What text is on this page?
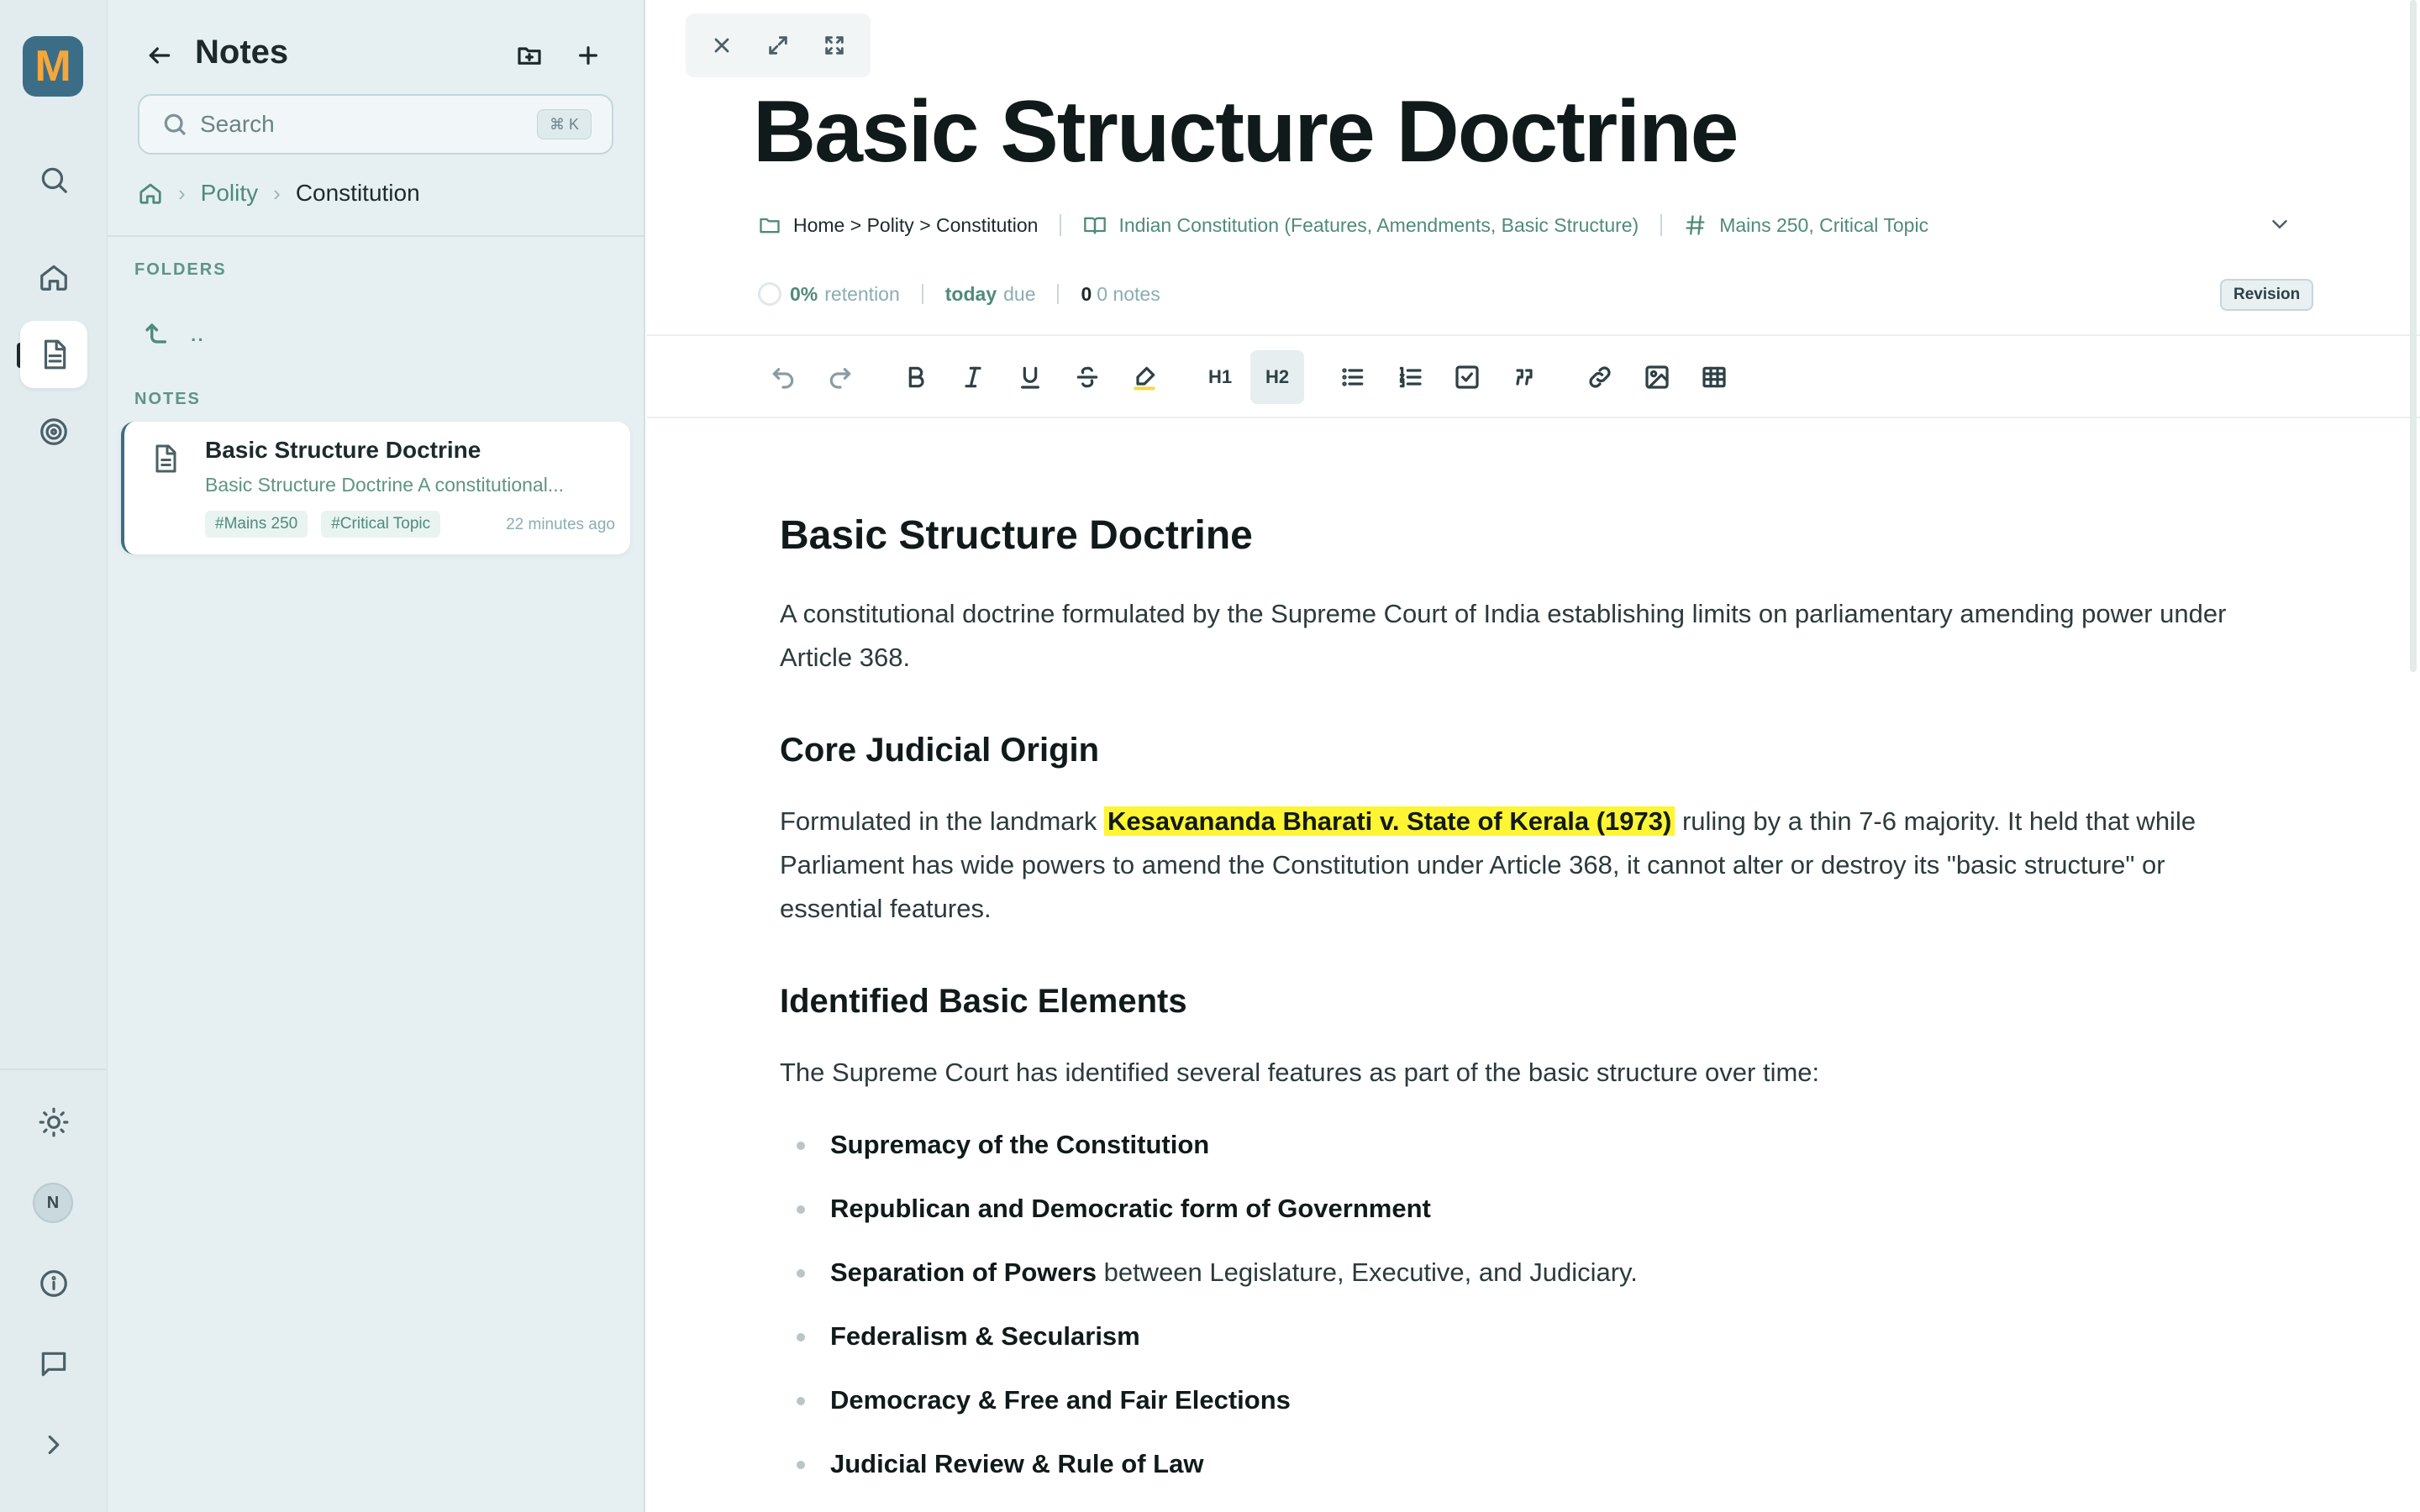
M
N
Notes
Search
⌘ K
› Polity › Constitution
FOLDERS
..
NOTES
Basic Structure Doctrine
Basic Structure Doctrine A constitutional...
#Mains 250	#Critical Topic	22 minutes ago
Basic Structure Doctrine
Home > Polity > Constitution	Indian Constitution (Features, Amendments, Basic Structure)	Mains 250, Critical Topic
0% retention today due 0 0 notes	Revision
H1	H2
Basic Structure Doctrine

A constitutional doctrine formulated by the Supreme Court of India establishing limits on parliamentary amending power under Article 368.

Core Judicial Origin

Formulated in the landmark Kesavananda Bharati v. State of Kerala (1973) ruling by a thin 7-6 majority. It held that while Parliament has wide powers to amend the Constitution under Article 368, it cannot alter or destroy its "basic structure" or essential features.

Identified Basic Elements

The Supreme Court has identified several features as part of the basic structure over time:

Supremacy of the Constitution
Republican and Democratic form of Government
Separation of Powers between Legislature, Executive, and Judiciary.
Federalism & Secularism
Democracy & Free and Fair Elections
Judicial Review & Rule of Law
